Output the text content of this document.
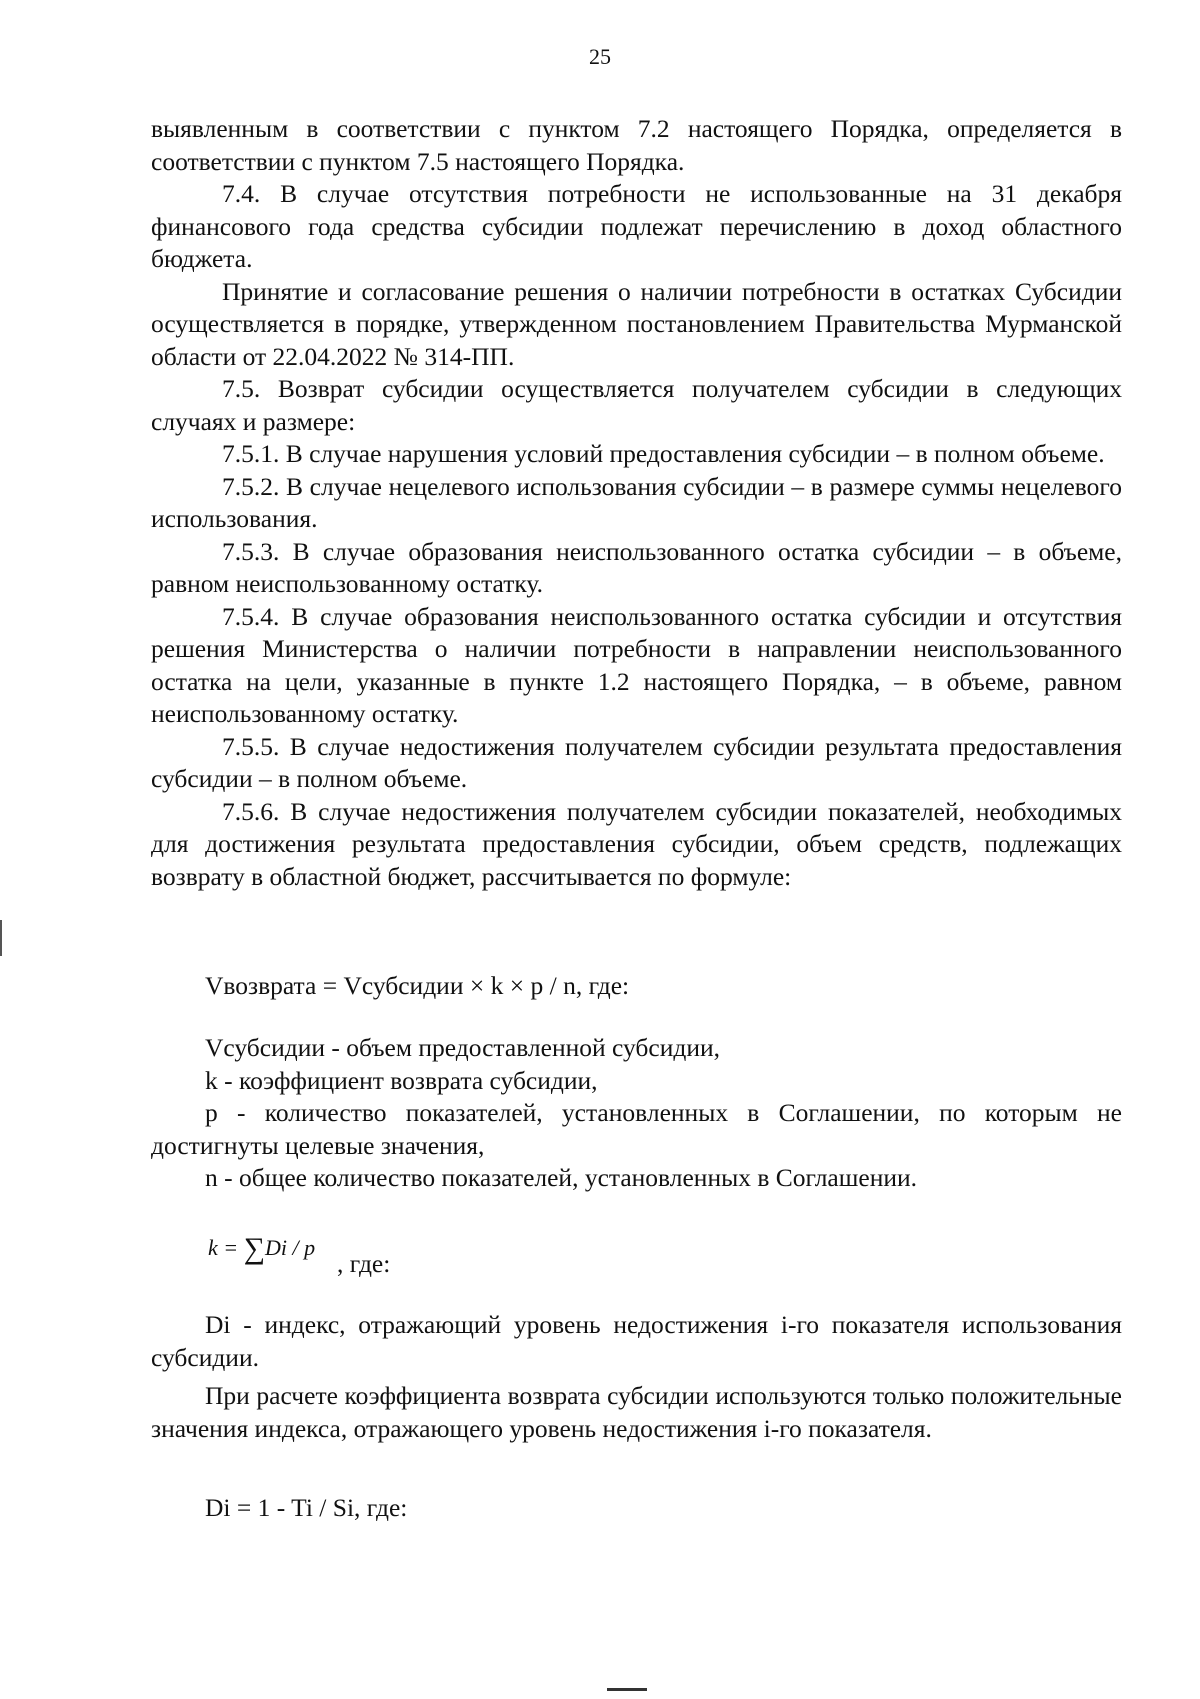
25

выявленным в соответствии с пунктом 7.2 настоящего Порядка, определяется в соответствии с пунктом 7.5 настоящего Порядка.

7.4. В случае отсутствия потребности не использованные на 31 декабря финансового года средства субсидии подлежат перечислению в доход областного бюджета.

Принятие и согласование решения о наличии потребности в остатках Субсидии осуществляется в порядке, утвержденном постановлением Правительства Мурманской области от 22.04.2022 № 314-ПП.

7.5. Возврат субсидии осуществляется получателем субсидии в следующих случаях и размере:

7.5.1. В случае нарушения условий предоставления субсидии – в полном объеме.

7.5.2. В случае нецелевого использования субсидии – в размере суммы нецелевого использования.

7.5.3. В случае образования неиспользованного остатка субсидии – в объеме, равном неиспользованному остатку.

7.5.4. В случае образования неиспользованного остатка субсидии и отсутствия решения Министерства о наличии потребности в направлении неиспользованного остатка на цели, указанные в пункте 1.2 настоящего Порядка, – в объеме, равном неиспользованному остатку.

7.5.5. В случае недостижения получателем субсидии результата предоставления субсидии – в полном объеме.

7.5.6. В случае недостижения получателем субсидии показателей, необходимых для достижения результата предоставления субсидии, объем средств, подлежащих возврату в областной бюджет, рассчитывается по формуле:

Vвозврата = Vсубсидии × k × p / n, где:

Vсубсидии - объем предоставленной субсидии,

k - коэффициент возврата субсидии,

p - количество показателей, установленных в Соглашении, по которым не достигнуты целевые значения,

n - общее количество показателей, установленных в Соглашении.

k = ∑Di / p
, где:

Di - индекс, отражающий уровень недостижения i-го показателя использования субсидии.

При расчете коэффициента возврата субсидии используются только положительные значения индекса, отражающего уровень недостижения i-го показателя.

Di = 1 - Ti / Si, где:
